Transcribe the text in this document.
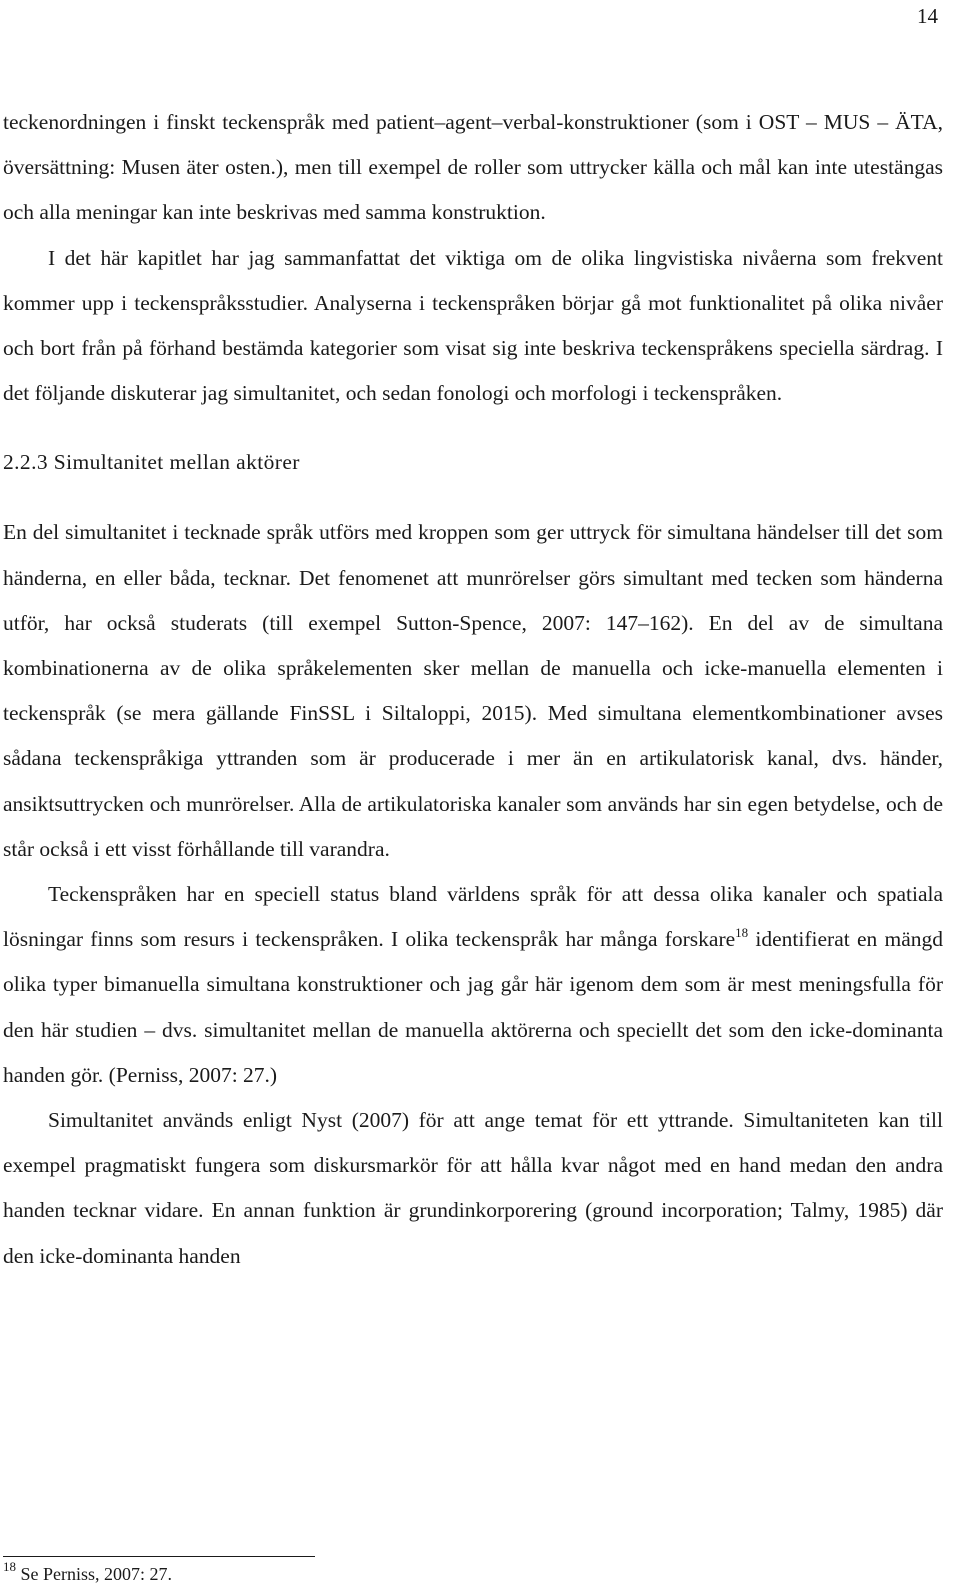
14

teckenordningen i finskt teckenspråk med patient–agent–verbal-konstruktioner (som i OST – MUS – ÄTA, översättning: Musen äter osten.), men till exempel de roller som uttrycker källa och mål kan inte utestängas och alla meningar kan inte beskrivas med samma konstruktion.

I det här kapitlet har jag sammanfattat det viktiga om de olika lingvistiska nivåerna som frekvent kommer upp i teckenspråksstudier. Analyserna i teckenspråken börjar gå mot funktionalitet på olika nivåer och bort från på förhand bestämda kategorier som visat sig inte beskriva teckenspråkens speciella särdrag. I det följande diskuterar jag simultanitet, och sedan fonologi och morfologi i teckenspråken.

2.2.3 Simultanitet mellan aktörer

En del simultanitet i tecknade språk utförs med kroppen som ger uttryck för simultana händelser till det som händerna, en eller båda, tecknar. Det fenomenet att munrörelser görs simultant med tecken som händerna utför, har också studerats (till exempel Sutton-Spence, 2007: 147–162). En del av de simultana kombinationerna av de olika språkelementen sker mellan de manuella och icke-manuella elementen i teckenspråk (se mera gällande FinSSL i Siltaloppi, 2015). Med simultana elementkombinationer avses sådana teckenspråkiga yttranden som är producerade i mer än en artikulatorisk kanal, dvs. händer, ansiktsuttrycken och munrörelser. Alla de artikulatoriska kanaler som används har sin egen betydelse, och de står också i ett visst förhållande till varandra.

Teckenspråken har en speciell status bland världens språk för att dessa olika kanaler och spatiala lösningar finns som resurs i teckenspråken. I olika teckenspråk har många forskare$^{18}$ identifierat en mängd olika typer bimanuella simultana konstruktioner och jag går här igenom dem som är mest meningsfulla för den här studien – dvs. simultanitet mellan de manuella aktörerna och speciellt det som den icke-dominanta handen gör. (Perniss, 2007: 27.)

Simultanitet används enligt Nyst (2007) för att ange temat för ett yttrande. Simultaniteten kan till exempel pragmatiskt fungera som diskursmarkör för att hålla kvar något med en hand medan den andra handen tecknar vidare. En annan funktion är grundinkorporering (ground incorporation; Talmy, 1985) där den icke-dominanta handen

$^{18}$ Se Perniss, 2007: 27.
